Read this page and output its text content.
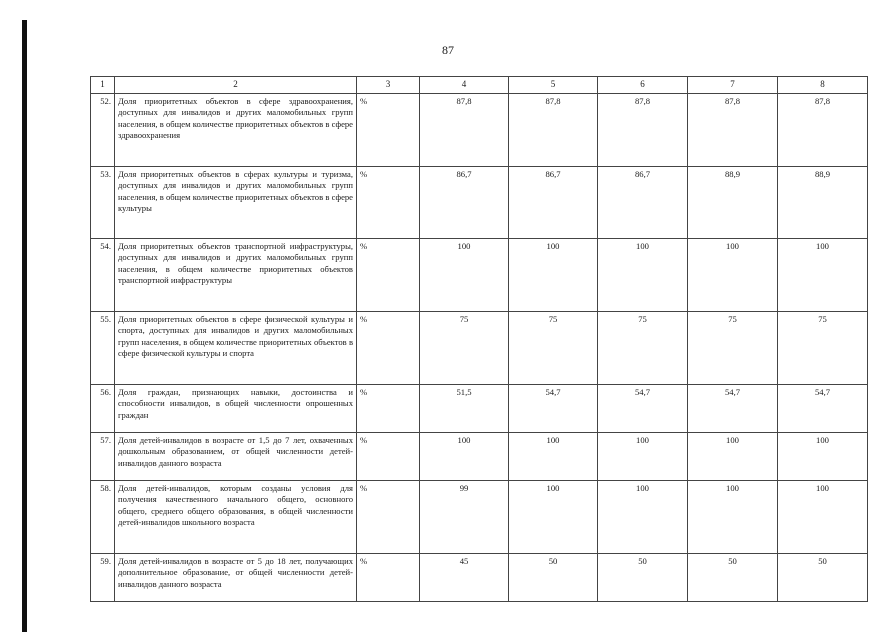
87
1	2	3	4	5	6	7	8
52.	Доля приоритетных объектов в сфере здравоохранения, доступных для инвалидов и других маломобильных групп населения, в общем количестве приоритетных объектов в сфере здравоохранения	%	87,8	87,8	87,8	87,8	87,8
53.	Доля приоритетных объектов в сферах культуры и туризма, доступных для инвалидов и других маломобильных групп населения, в общем количестве приоритетных объектов в сфере культуры	%	86,7	86,7	86,7	88,9	88,9
54.	Доля приоритетных объектов транспортной инфраструктуры, доступных для инвалидов и других маломобильных групп населения, в общем количестве приоритетных объектов транспортной инфраструктуры	%	100	100	100	100	100
55.	Доля приоритетных объектов в сфере физической культуры и спорта, доступных для инвалидов и других маломобильных групп населения, в общем количестве приоритетных объектов в сфере физической культуры и спорта	%	75	75	75	75	75
56.	Доля граждан, признающих навыки, достоинства и способности инвалидов, в общей численности опрошенных граждан	%	51,5	54,7	54,7	54,7	54,7
57.	Доля детей-инвалидов в возрасте от 1,5 до 7 лет, охваченных дошкольным образованием, от общей численности детей-инвалидов данного возраста	%	100	100	100	100	100
58.	Доля детей-инвалидов, которым созданы условия для получения качественного начального общего, основного общего, среднего общего образования, в общей численности детей-инвалидов школьного возраста	%	99	100	100	100	100
59.	Доля детей-инвалидов в возрасте от 5 до 18 лет, получающих дополнительное образование, от общей численности детей-инвалидов данного возраста	%	45	50	50	50	50
